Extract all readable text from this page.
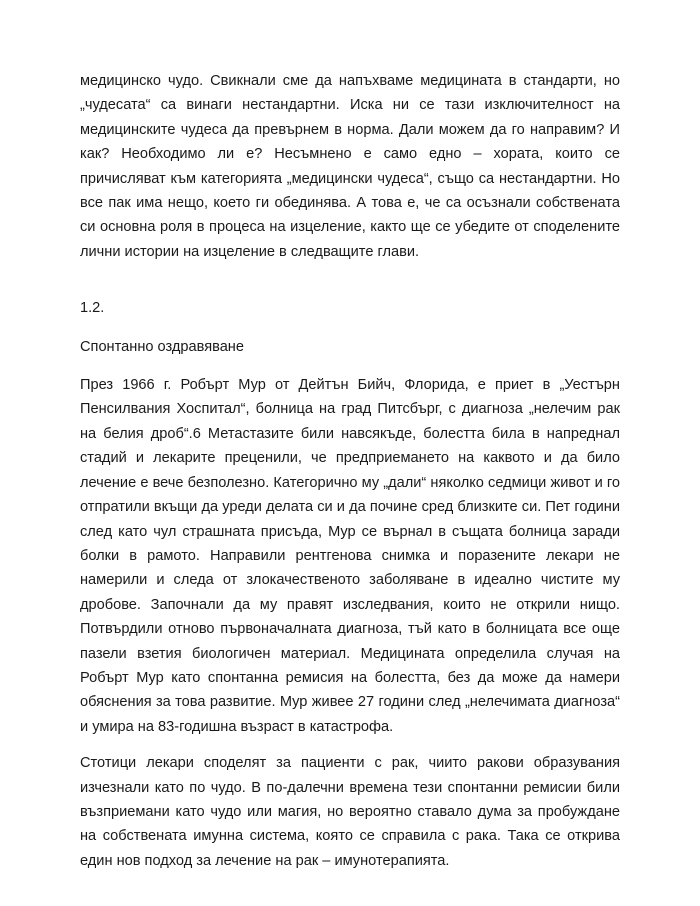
медицинско чудо. Свикнали сме да напъхваме медицината в стандарти, но „чудесата“ са винаги нестандартни. Иска ни се тази изключителност на медицинските чудеса да превърнем в норма. Дали можем да го направим? И как? Необходимо ли е? Несъмнено е само едно – хората, които се причисляват към категорията „медицински чудеса“, също са нестандартни. Но все пак има нещо, което ги обединява. А това е, че са осъзнали собствената си основна роля в процеса на изцеление, както ще се убедите от споделените лични истории на изцеление в следващите глави.

1.2.

Спонтанно оздравяване

През 1966 г. Робърт Мур от Дейтън Бийч, Флорида, е приет в „Уестърн Пенсилвания Хоспитал“, болница на град Питсбърг, с диагноза „нелечим рак на белия дроб“.6 Метастазите били навсякъде, болестта била в напреднал стадий и лекарите преценили, че предприемането на каквото и да било лечение е вече безполезно. Категорично му „дали“ няколко седмици живот и го отпратили вкъщи да уреди делата си и да почине сред близките си. Пет години след като чул страшната присъда, Мур се върнал в същата болница заради болки в рамото. Направили рентгенова снимка и поразените лекари не намерили и следа от злокачественото заболяване в идеално чистите му дробове. Започнали да му правят изследвания, които не открили нищо. Потвърдили отново първоначалната диагноза, тъй като в болницата все още пазели взетия биологичен материал. Медицината определила случая на Робърт Мур като спонтанна ремисия на болестта, без да може да намери обяснения за това развитие. Мур живее 27 години след „нелечимата диагноза“ и умира на 83-годишна възраст в катастрофа.

Стотици лекари споделят за пациенти с рак, чиито ракови образувания изчезнали като по чудо. В по-далечни времена тези спонтанни ремисии били възприемани като чудо или магия, но вероятно ставало дума за пробуждане на собствената имунна система, която се справила с рака. Така се открива един нов подход за лечение на рак – имунотерапията.
